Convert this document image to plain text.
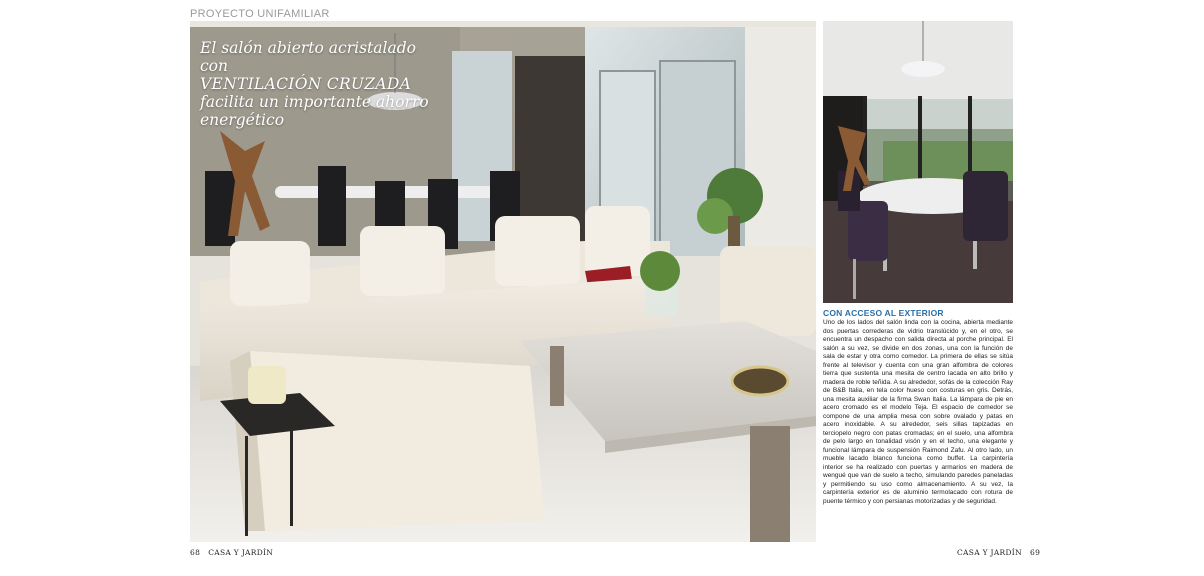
PROYECTO UNIFAMILIAR
El salón abierto acristalado con
VENTILACIÓN CRUZADA
facilita un importante ahorro
energético
CON ACCESO AL EXTERIOR
Uno de los lados del salón linda con la cocina, abierta mediante dos puertas correderas de vidrio translúcido y, en el otro, se encuentra un despacho con salida directa al porche principal. El salón a su vez, se divide en dos zonas, una con la función de sala de estar y otra como comedor. La primera de ellas se sitúa frente al televisor y cuenta con una gran alfombra de colores tierra que sustenta una mesita de centro lacada en alto brillo y madera de roble teñida. A su alrededor, sofás de la colección Ray de B&B Italia, en tela color hueso con costuras en gris. Detrás, una mesita auxiliar de la firma Swan Italia. La lámpara de pie en acero cromado es el modelo Teja. El espacio de comedor se compone de una amplia mesa con sobre ovalado y patas en acero inoxidable. A su alrededor, seis sillas tapizadas en terciopelo negro con patas cromadas; en el suelo, una alfombra de pelo largo en tonalidad visón y en el techo, una elegante y funcional lámpara de suspensión Raimond Zafu. Al otro lado, un mueble lacado blanco funciona como buffet. La carpintería interior se ha realizado con puertas y armarios en madera de wengué que van de suelo a techo, simulando paredes paneladas y permitiendo su uso como almacenamiento. A su vez, la carpintería exterior es de aluminio termolacado con rotura de puente térmico y con persianas motorizadas y de seguridad.
68 CASA Y JARDÍN	CASA Y JARDÍN 69
